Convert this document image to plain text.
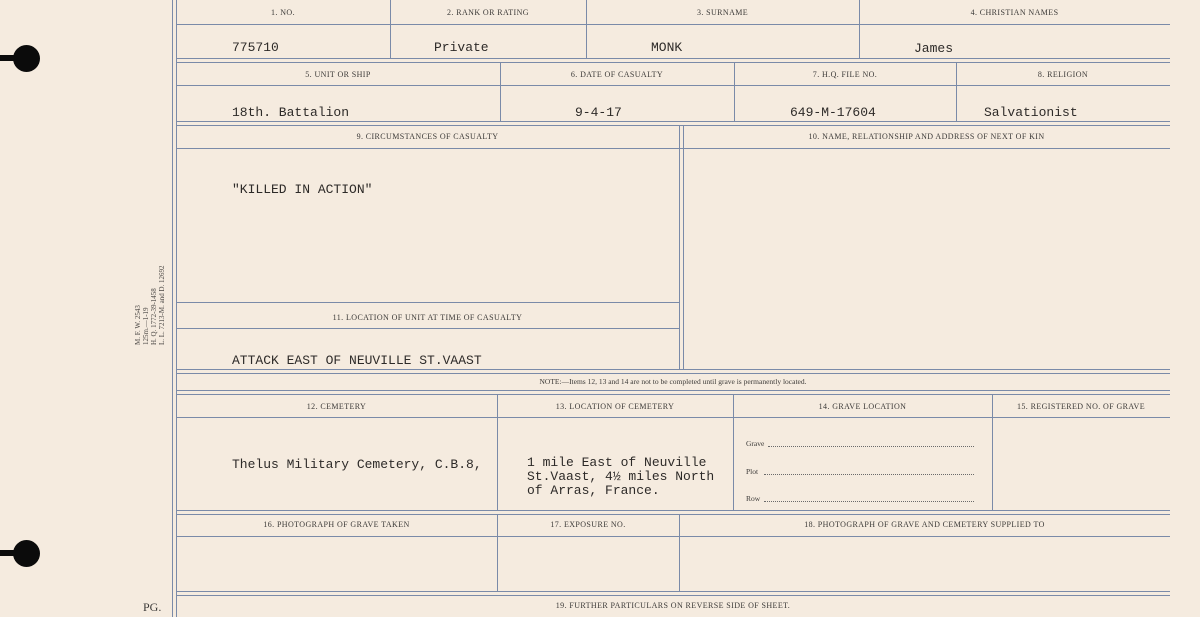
M. F. W. 2543 125m.—1-19 H. Q. 1772-39-1458 L. L. 7213-M. and D. 12692
PG.
1. NO.	2. RANK OR RATING	3. SURNAME	4. CHRISTIAN NAMES
775710	Private	MONK	James
5. UNIT OR SHIP	6. DATE OF CASUALTY	7. H.Q. FILE NO.	8. RELIGION
18th. Battalion	9-4-17	649-M-17604	Salvationist
9. CIRCUMSTANCES OF CASUALTY	10. NAME, RELATIONSHIP AND ADDRESS OF NEXT OF KIN
"KILLED IN ACTION"
11. LOCATION OF UNIT AT TIME OF CASUALTY
ATTACK EAST OF NEUVILLE ST.VAAST
NOTE:—Items 12, 13 and 14 are not to be completed until grave is permanently located.
12. CEMETERY	13. LOCATION OF CEMETERY	14. GRAVE LOCATION	15. REGISTERED NO. OF GRAVE
Thelus Military Cemetery, C.B.8,	1 mile East of Neuville
St.Vaast, 4½ miles North
of Arras, France.
Grave
Plot
Row
16. PHOTOGRAPH OF GRAVE TAKEN	17. EXPOSURE NO.	18. PHOTOGRAPH OF GRAVE AND CEMETERY SUPPLIED TO
19. FURTHER PARTICULARS ON REVERSE SIDE OF SHEET.
